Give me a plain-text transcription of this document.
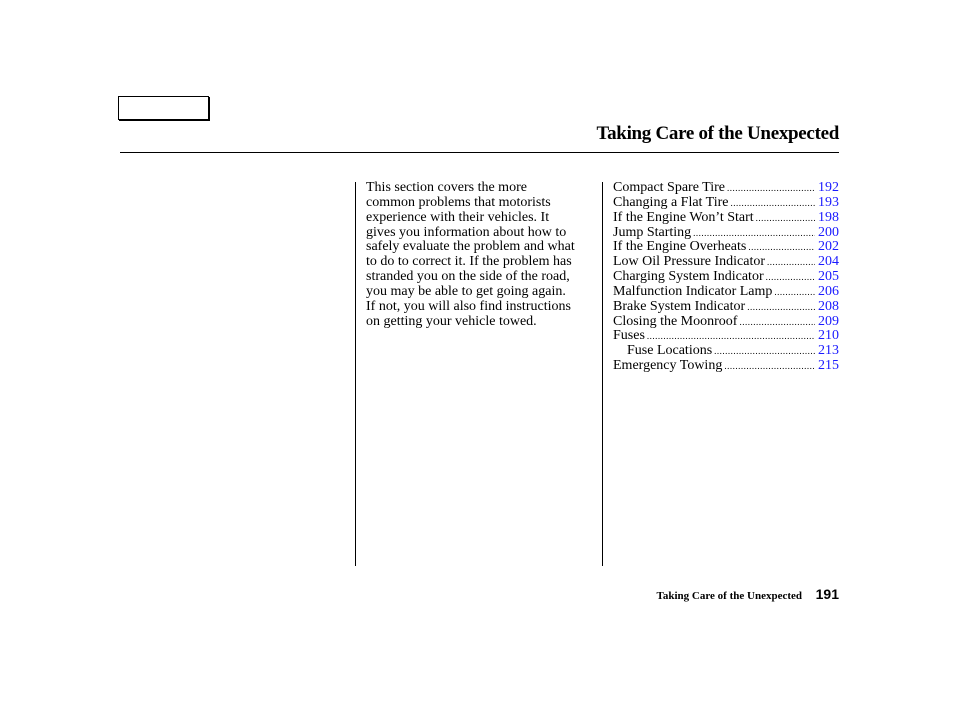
Taking Care of the Unexpected
This section covers the more
common problems that motorists
experience with their vehicles. It
gives you information about how to
safely evaluate the problem and what
to do to correct it. If the problem has
stranded you on the side of the road,
you may be able to get going again.
If not, you will also find instructions
on getting your vehicle towed.
Compact Spare Tire .....	192
Changing a Flat Tire .....	193
If the Engine Won’t Start .....	198
Jump Starting .....	200
If the Engine Overheats .....	202
Low Oil Pressure Indicator .....	204
Charging System Indicator .....	205
Malfunction Indicator Lamp .....	206
Brake System Indicator .....	208
Closing the Moonroof .....	209
Fuses .....	210
Fuse Locations .....	213
Emergency Towing .....	215
Taking Care of the Unexpected 191
